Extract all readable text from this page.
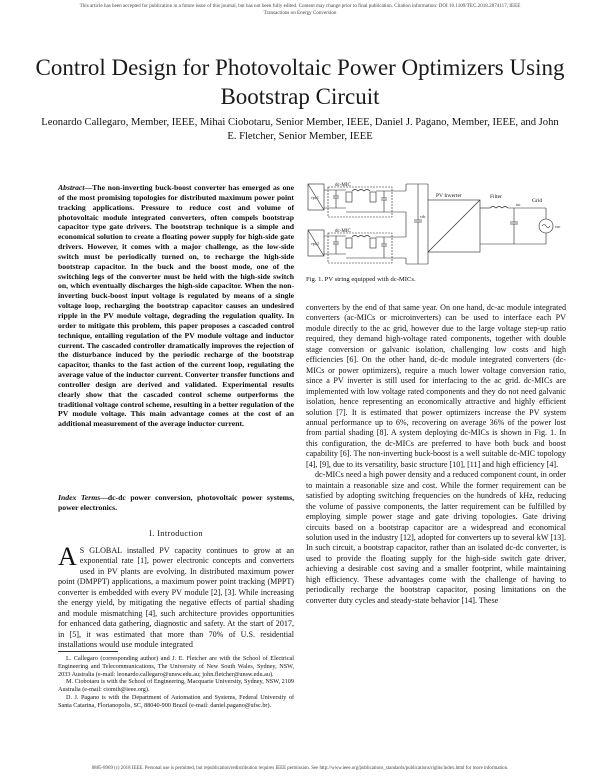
This article has been accepted for publication in a future issue of this journal, but has not been fully edited. Content may change prior to final publication. Citation information: DOI 10.1109/TEC.2018.2874117, IEEE
Transactions on Energy Conversion
Control Design for Photovoltaic Power Optimizers Using Bootstrap Circuit
Leonardo Callegaro, Member, IEEE, Mihai Ciobotaru, Senior Member, IEEE, Daniel J. Pagano, Member, IEEE, and John E. Fletcher, Senior Member, IEEE

Abstract—The non-inverting buck-boost converter has emerged as one of the most promising topologies for distributed maximum power point tracking applications. Pressure to reduce cost and volume of photovoltaic module integrated converters, often compels bootstrap capacitor type gate drivers. The bootstrap technique is a simple and economical solution to create a floating power supply for high-side gate drivers. However, it comes with a major challenge, as the low-side switch must be periodically turned on, to recharge the high-side bootstrap capacitor. In the buck and the boost mode, one of the switching legs of the converter must be held with the high-side switch on, which eventually discharges the high-side capacitor. When the non-inverting buck-boost input voltage is regulated by means of a single voltage loop, recharging the bootstrap capacitor causes an undesired ripple in the PV module voltage, degrading the regulation quality. In order to mitigate this problem, this paper proposes a cascaded control technique, entailing regulation of the PV module voltage and inductor current. The cascaded controller dramatically improves the rejection of the disturbance induced by the periodic recharge of the bootstrap capacitor, thanks to the fast action of the current loop, regulating the average value of the inductor current. Converter transfer functions and controller design are derived and validated. Experimental results clearly show that the cascaded control scheme outperforms the traditional voltage control scheme, resulting in a better regulation of the PV module voltage. This main advantage comes at the cost of an additional measurement of the average inductor current.

Index Terms—dc-dc power conversion, photovoltaic power systems, power electronics.

I. Introduction
A S GLOBAL installed PV capacity continues to grow at an exponential rate [1], power electronic concepts and converters used in PV plants are evolving. In distributed maximum power point (DMPPT) applications, a maximum power point tracking (MPPT) converter is embedded with every PV module [2], [3]. While increasing the energy yield, by mitigating the negative effects of partial shading and module mismatching [4], such architecture provides opportunities for enhanced data gathering, diagnostic and safety. At the start of 2017, in [5], it was estimated that more than 70% of U.S. residential installations would use module integrated

L. Callegaro (corresponding author) and J. E. Fletcher are with the School of Electrical Engineering and Telecommunications, The University of New South Wales, Sydney, NSW, 2033 Australia (e-mail: leonardo.callegaro@unsw.edu.au; john.fletcher@unsw.edu.au).

M. Ciobotaru is with the School of Engineering, Macquarie University, Sydney, NSW, 2109 Australia (e-mail: ciomih@ieee.org).

D. J. Pagano is with the Department of Automation and Systems, Federal University of Santa Catarina, Florianopolis, SC, 88040-900 Brazil (e-mail: daniel.pagano@ufsc.br).

dc-MIC
dc-MIC
vpv,1
vpv,2
vdc
PV Inverter	Filter
Grid
vac
iac
Fig. 1. PV string equipped with dc-MICs.

converters by the end of that same year. On one hand, dc-ac module integrated converters (ac-MICs or microinverters) can be used to interface each PV module directly to the ac grid, however due to the large voltage step-up ratio required, they demand high-voltage rated components, together with double stage conversion or galvanic isolation, challenging low costs and high efficiencies [6]. On the other hand, dc-dc module integrated converters (dc-MICs or power optimizers), require a much lower voltage conversion ratio, since a PV inverter is still used for interfacing to the ac grid. dc-MICs are implemented with low voltage rated components and they do not need galvanic isolation, hence representing an economically attractive and highly efficient solution [7]. It is estimated that power optimizers increase the PV system annual performance up to 6%, recovering on average 36% of the power lost from partial shading [8]. A system deploying dc-MICs is shown in Fig. 1. In this configuration, the dc-MICs are preferred to have both buck and boost capability [6]. The non-inverting buck-boost is a well suitable dc-MIC topology [4], [9], due to its versatility, basic structure [10], [11] and high efficiency [4].

dc-MICs need a high power density and a reduced component count, in order to maintain a reasonable size and cost. While the former requirement can be satisfied by adopting switching frequencies on the hundreds of kHz, reducing the volume of passive components, the latter requirement can be fulfilled by employing simple power stage and gate driving topologies. Gate driving circuits based on a bootstrap capacitor are a widespread and economical solution used in the industry [12], adopted for converters up to several kW [13]. In such circuit, a bootstrap capacitor, rather than an isolated dc-dc converter, is used to provide the floating supply for the high-side switch gate driver, achieving a desirable cost saving and a smaller footprint, while maintaining high efficiency. These advantages come with the challenge of having to periodically recharge the bootstrap capacitor, posing limitations on the converter duty cycles and steady-state behavior [14]. These

0885-8969 (c) 2018 IEEE. Personal use is permitted, but republication/redistribution requires IEEE permission. See http://www.ieee.org/publications_standards/publications/rights/index.html for more information.
